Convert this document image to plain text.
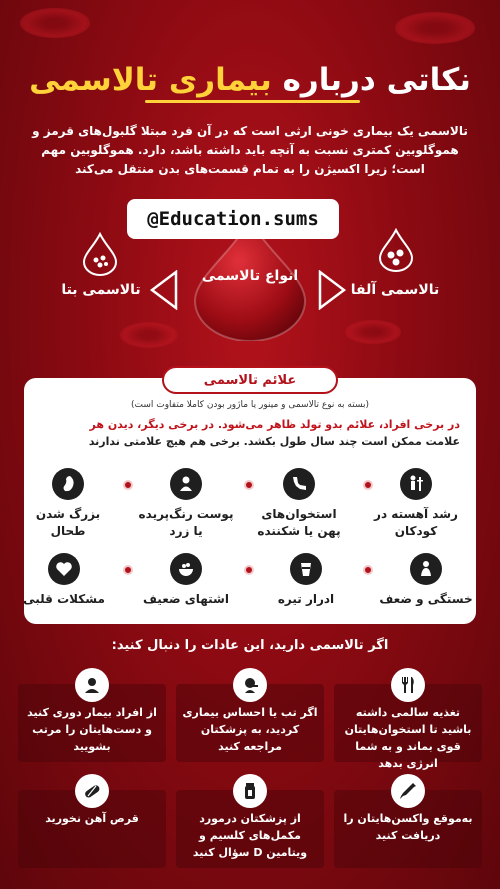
نکاتی درباره بیماری تالاسمی
تالاسمی یک بیماری خونی ارثی است که در آن فرد مبتلا گلبول‌های قرمز و هموگلوبین کمتری نسبت به آنچه باید داشته باشد، دارد. هموگلوبین مهم است؛ زیرا اکسیژن را به تمام قسمت‌های بدن منتقل می‌کند
انواع تالاسمی
تالاسمی بتا	تالاسمی آلفا
@Education.sums
علائم تالاسمی
(بسته به نوع تالاسمی و مینور یا ماژور بودن کاملا متفاوت است)
در برخی افراد، علائم بدو تولد ظاهر می‌شود. در برخی دیگر، دیدن هر
علامت ممکن است چند سال طول بکشد. برخی هم هیچ علامتی ندارند
رشد آهسته در کودکان
استخوان‌های پهن یا شکننده
پوست رنگ‌پریده یا زرد
بزرگ شدن طحال
خستگی و ضعف
ادرار تیره
اشتهای ضعیف
مشکلات قلبی
اگر تالاسمی دارید، این عادات را دنبال کنید:
تغذیه سالمی داشته باشید تا استخوان‌هایتان قوی بماند و به شما انرژی بدهد
اگر تب یا احساس بیماری کردید، به پزشکتان مراجعه کنید
از افراد بیمار دوری کنید و دست‌هایتان را مرتب بشویید
به‌موقع واکسن‌هایتان را دریافت کنید
از پزشکتان درمورد مکمل‌های کلسیم و ویتامین D سؤال کنید
قرص آهن نخورید
